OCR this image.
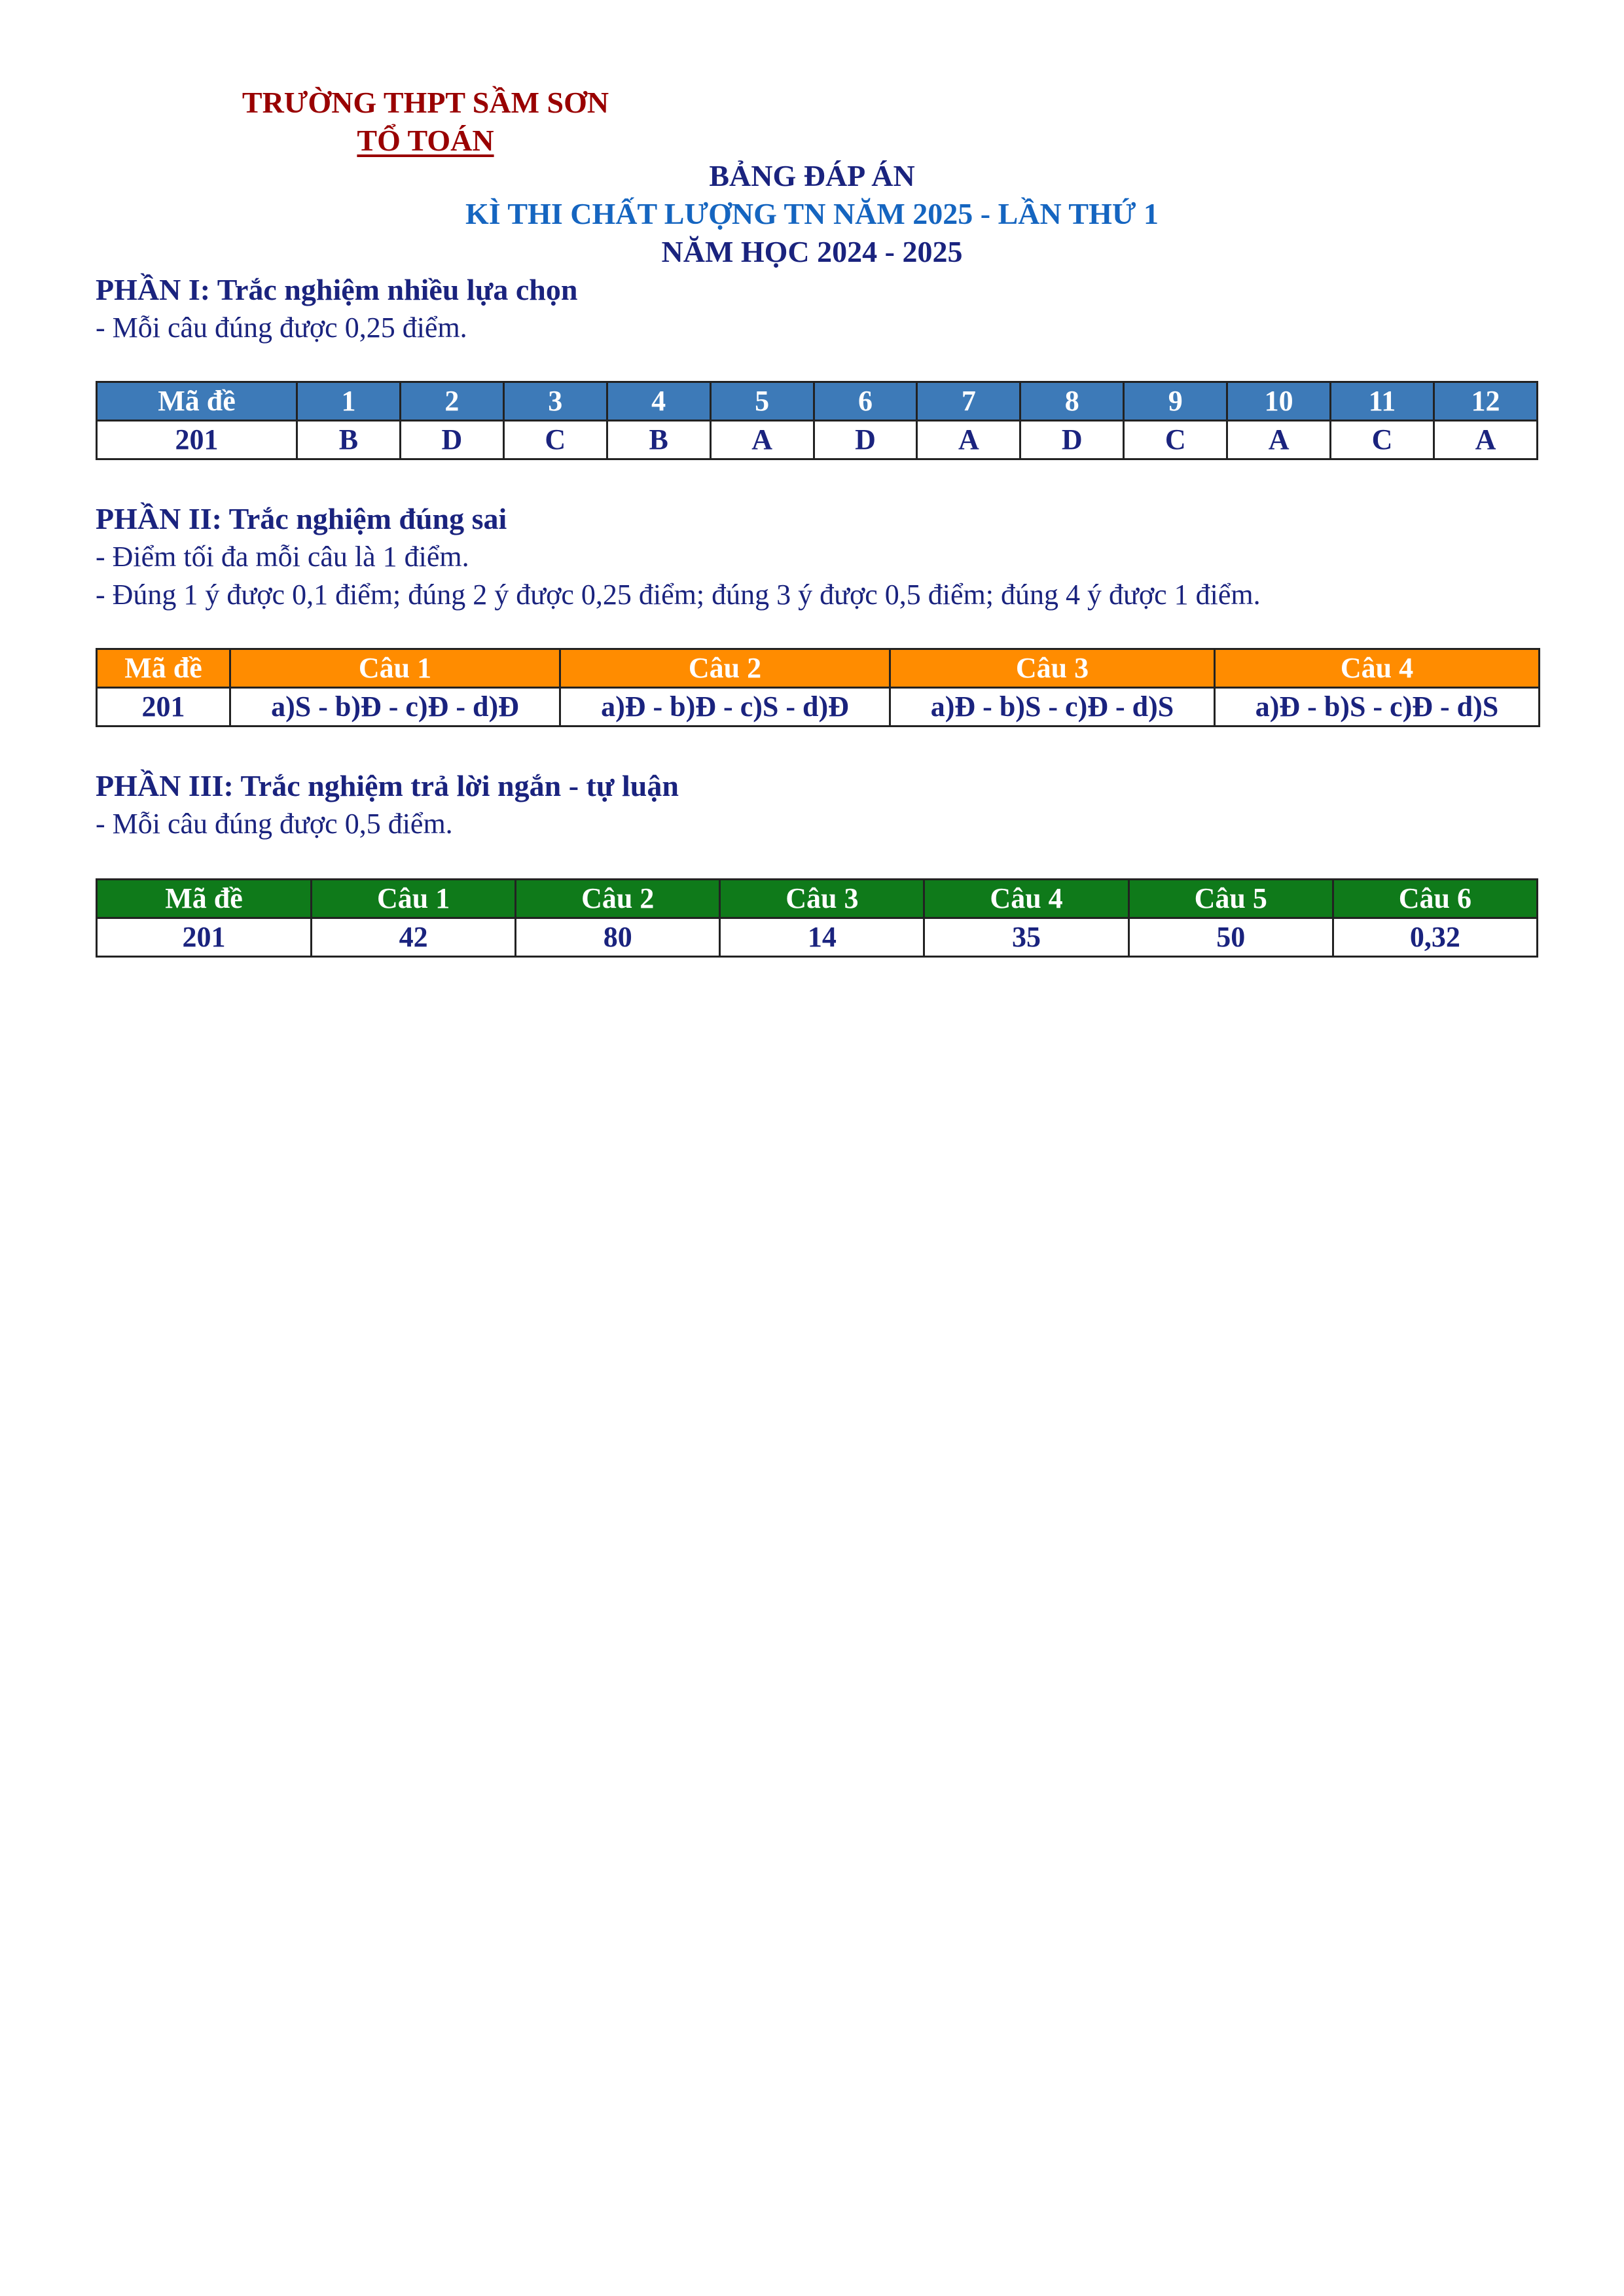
TRƯỜNG THPT SẦM SƠN
TỔ TOÁN
BẢNG ĐÁP ÁN
KÌ THI CHẤT LƯỢNG TN NĂM 2025 - LẦN THỨ 1
NĂM HỌC 2024 - 2025
PHẦN I: Trắc nghiệm nhiều lựa chọn
- Mỗi câu đúng được 0,25 điểm.
Mã đề	1	2	3	4	5	6	7	8	9	10	11	12
201	B	D	C	B	A	D	A	D	C	A	C	A
PHẦN II: Trắc nghiệm đúng sai
- Điểm tối đa mỗi câu là 1 điểm.
- Đúng 1 ý được 0,1 điểm; đúng 2 ý được 0,25 điểm; đúng 3 ý được 0,5 điểm; đúng 4 ý được 1 điểm.
Mã đề	Câu 1	Câu 2	Câu 3	Câu 4
201	a)S - b)Đ - c)Đ - d)Đ	a)Đ - b)Đ - c)S - d)Đ	a)Đ - b)S - c)Đ - d)S	a)Đ - b)S - c)Đ - d)S
PHẦN III: Trắc nghiệm trả lời ngắn - tự luận
- Mỗi câu đúng được 0,5 điểm.
Mã đề	Câu 1	Câu 2	Câu 3	Câu 4	Câu 5	Câu 6
201	42	80	14	35	50	0,32
